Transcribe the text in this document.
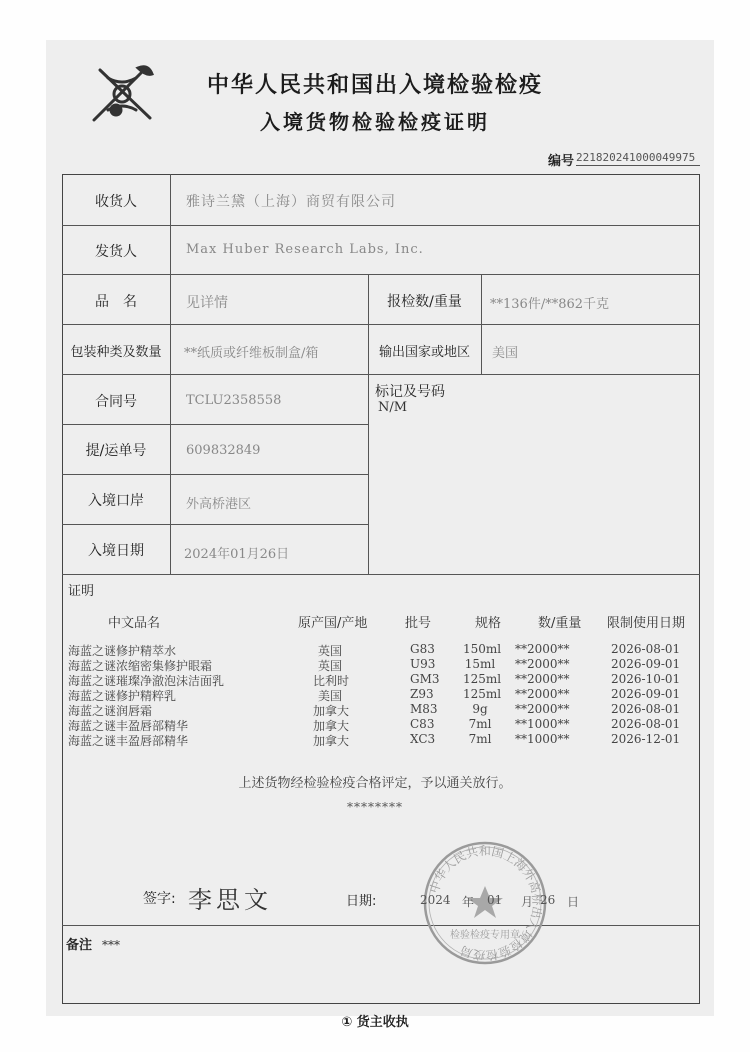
中华人民共和国出入境检验检疫
入境货物检验检疫证明
编号 221820241000049975
收货人	雅诗兰黛（上海）商贸有限公司
发货人	Max Huber Research Labs, Inc.
品　名	见详情	报检数/重量	**136件/**862千克
包装种类及数量	**纸质或纤维板制盒/箱	输出国家或地区	美国
合同号	TCLU2358558
标记及号码
N/M
提/运单号	609832849
入境口岸	外高桥港区
入境日期	2024年01月26日
证明
中文品名	原产国/产地	批号	规格	数/重量 限制使用日期
海蓝之谜修护精萃水	英国	G83 150ml **2000**	2026-08-01
海蓝之谜浓缩密集修护眼霜	英国	U93 15ml **2000**	2026-09-01
海蓝之谜璀璨净澈泡沫洁面乳	比利时	GM3 125ml **2000**	2026-10-01
海蓝之谜修护精粹乳	美国	Z93 125ml **2000**	2026-09-01
海蓝之谜润唇霜	加拿大	M83	9g	**2000**	2026-08-01
海蓝之谜丰盈唇部精华	加拿大	C83	7ml	**1000**	2026-08-01
海蓝之谜丰盈唇部精华	加拿大	XC3	7ml	**1000**	2026-12-01
上述货物经检验检疫合格评定，予以通关放行。
********
中华人民共和国上海外高桥出入境检验检疫局
检验检疫专用章
签字: 李思文	日期:	2024 年 01 月 26 日
备注 ***
① 货主收执
